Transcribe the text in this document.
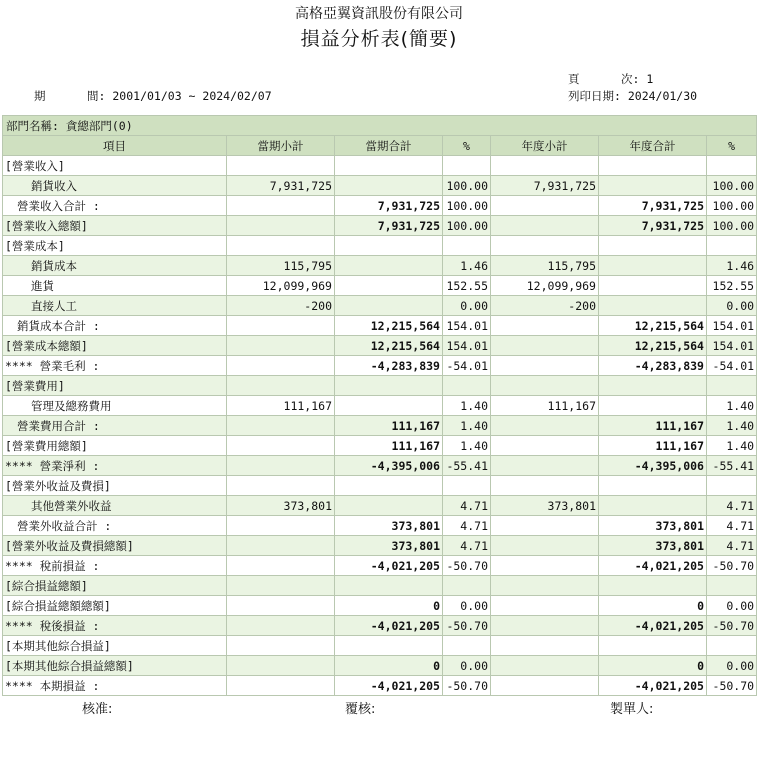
高格亞翼資訊股份有限公司
損益分析表(簡要)
期      間: 2001/01/03 ~ 2024/02/07
頁      次: 1
列印日期: 2024/01/30
部門名稱: 貪總部門(0)						
項目	當期小計	當期合計	%	年度小計	年度合計	%
[營業收入]						
銷貨收入	7,931,725		100.00	7,931,725		100.00
營業收入合計 :		7,931,725	100.00		7,931,725	100.00
[營業收入總額]		7,931,725	100.00		7,931,725	100.00
[營業成本]						
銷貨成本	115,795		1.46	115,795		1.46
進貨	12,099,969		152.55	12,099,969		152.55
直接人工	-200		0.00	-200		0.00
銷貨成本合計 :		12,215,564	154.01		12,215,564	154.01
[營業成本總額]		12,215,564	154.01		12,215,564	154.01
**** 營業毛利 :		-4,283,839	-54.01		-4,283,839	-54.01
[營業費用]						
管理及總務費用	111,167		1.40	111,167		1.40
營業費用合計 :		111,167	1.40		111,167	1.40
[營業費用總額]		111,167	1.40		111,167	1.40
**** 營業淨利 :		-4,395,006	-55.41		-4,395,006	-55.41
[營業外收益及費損]						
其他營業外收益	373,801		4.71	373,801		4.71
營業外收益合計 :		373,801	4.71		373,801	4.71
[營業外收益及費損總額]		373,801	4.71		373,801	4.71
**** 稅前損益 :		-4,021,205	-50.70		-4,021,205	-50.70
[綜合損益總額]						
[綜合損益總額總額]		0	0.00		0	0.00
**** 稅後損益 :		-4,021,205	-50.70		-4,021,205	-50.70
[本期其他綜合損益]						
[本期其他綜合損益總額]		0	0.00		0	0.00
**** 本期損益 :		-4,021,205	-50.70		-4,021,205	-50.70
核准:	覆核:	製單人:
